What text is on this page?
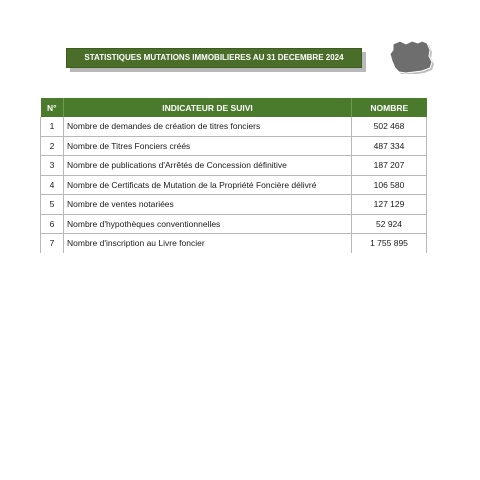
STATISTIQUES MUTATIONS IMMOBILIERES AU 31 DECEMBRE 2024
N°	INDICATEUR DE SUIVI	NOMBRE
1	Nombre de demandes de création de titres fonciers	502 468
2	Nombre de Titres Fonciers créés	487 334
3	Nombre de publications d'Arrêtés de Concession définitive	187 207
4	Nombre de Certificats de Mutation de la Propriété Foncière délivré	106 580
5	Nombre de ventes notariées	127 129
6	Nombre d'hypothèques conventionnelles	52 924
7	Nombre d'inscription au Livre foncier	1 755 895
